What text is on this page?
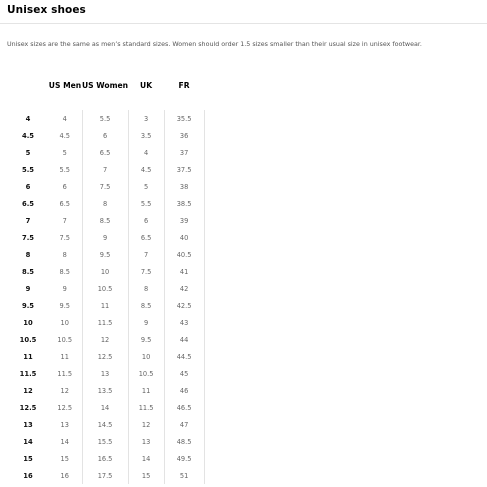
Unisex shoes
Unisex sizes are the same as men’s standard sizes. Women should order 1.5 sizes smaller than their usual size in unisex footwear.
	US Men	US Women	UK	FR
4	4	5.5	3	35.5
4.5	4.5	6	3.5	36
5	5	6.5	4	37
5.5	5.5	7	4.5	37.5
6	6	7.5	5	38
6.5	6.5	8	5.5	38.5
7	7	8.5	6	39
7.5	7.5	9	6.5	40
8	8	9.5	7	40.5
8.5	8.5	10	7.5	41
9	9	10.5	8	42
9.5	9.5	11	8.5	42.5
10	10	11.5	9	43
10.5	10.5	12	9.5	44
11	11	12.5	10	44.5
11.5	11.5	13	10.5	45
12	12	13.5	11	46
12.5	12.5	14	11.5	46.5
13	13	14.5	12	47
14	14	15.5	13	48.5
15	15	16.5	14	49.5
16	16	17.5	15	51
